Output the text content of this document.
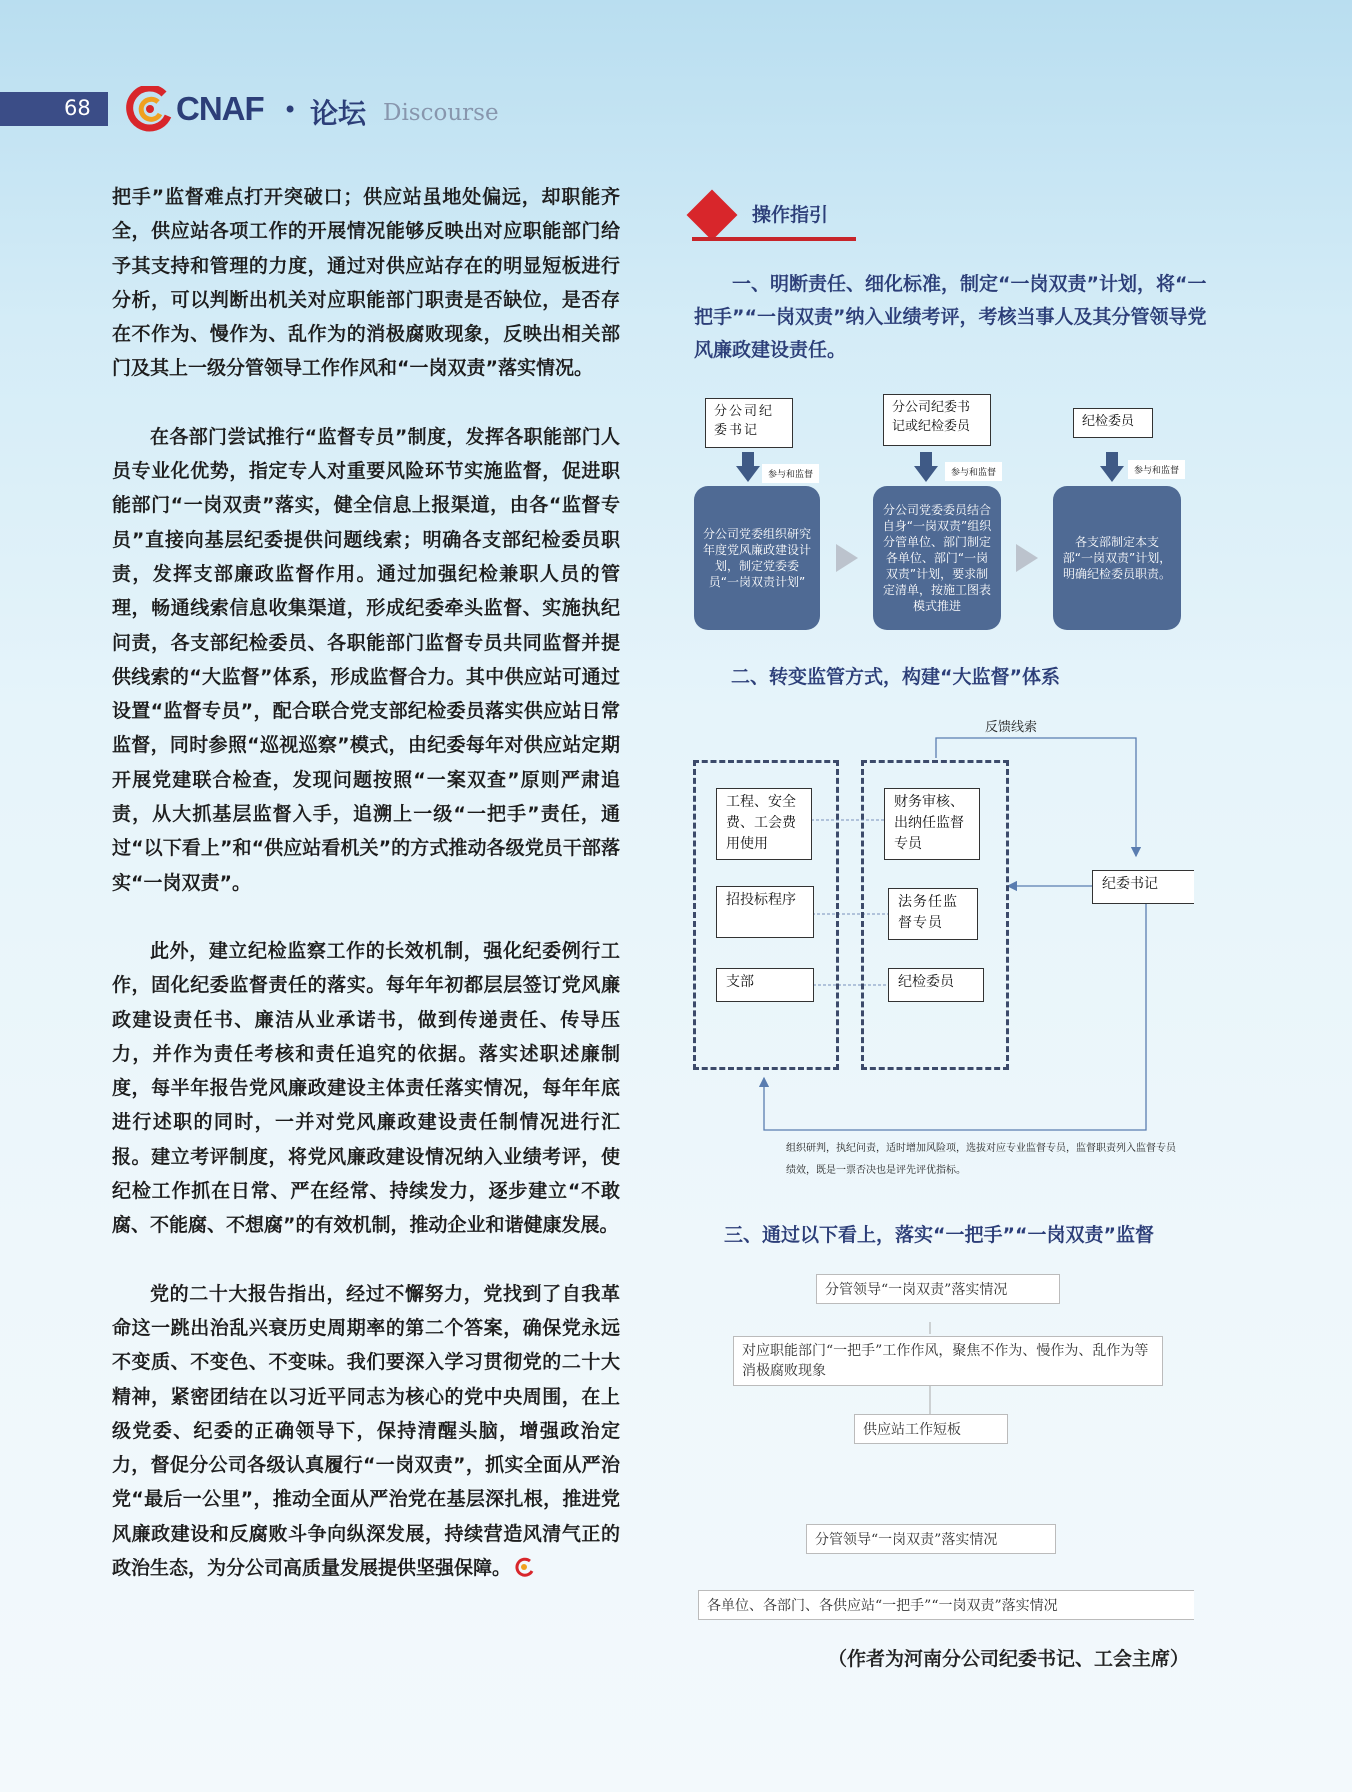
68	CNAF • 论坛 Discourse

把手”监督难点打开突破口；供应站虽地处偏远，却职能齐全，供应站各项工作的开展情况能够反映出对应职能部门给予其支持和管理的力度，通过对供应站存在的明显短板进行分析，可以判断出机关对应职能部门职责是否缺位，是否存在不作为、慢作为、乱作为的消极腐败现象，反映出相关部门及其上一级分管领导工作作风和“一岗双责”落实情况。

在各部门尝试推行“监督专员”制度，发挥各职能部门人员专业化优势，指定专人对重要风险环节实施监督，促进职能部门“一岗双责”落实，健全信息上报渠道，由各“监督专员”直接向基层纪委提供问题线索；明确各支部纪检委员职责，发挥支部廉政监督作用。通过加强纪检兼职人员的管理，畅通线索信息收集渠道，形成纪委牵头监督、实施执纪问责，各支部纪检委员、各职能部门监督专员共同监督并提供线索的“大监督”体系，形成监督合力。其中供应站可通过设置“监督专员”，配合联合党支部纪检委员落实供应站日常监督，同时参照“巡视巡察”模式，由纪委每年对供应站定期开展党建联合检查，发现问题按照“一案双查”原则严肃追责，从大抓基层监督入手，追溯上一级“一把手”责任，通过“以下看上”和“供应站看机关”的方式推动各级党员干部落实“一岗双责”。

此外，建立纪检监察工作的长效机制，强化纪委例行工作，固化纪委监督责任的落实。每年年初都层层签订党风廉政建设责任书、廉洁从业承诺书，做到传递责任、传导压力，并作为责任考核和责任追究的依据。落实述职述廉制度，每半年报告党风廉政建设主体责任落实情况，每年年底进行述职的同时，一并对党风廉政建设责任制情况进行汇报。建立考评制度，将党风廉政建设情况纳入业绩考评，使纪检工作抓在日常、严在经常、持续发力，逐步建立“不敢腐、不能腐、不想腐”的有效机制，推动企业和谐健康发展。

党的二十大报告指出，经过不懈努力，党找到了自我革命这一跳出治乱兴衰历史周期率的第二个答案，确保党永远不变质、不变色、不变味。我们要深入学习贯彻党的二十大精神，紧密团结在以习近平同志为核心的党中央周围，在上级党委、纪委的正确领导下，保持清醒头脑，增强政治定力，督促分公司各级认真履行“一岗双责”，抓实全面从严治党“最后一公里”，推动全面从严治党在基层深扎根，推进党风廉政建设和反腐败斗争向纵深发展，持续营造风清气正的政治生态，为分公司高质量发展提供坚强保障。

操作指引

一、明断责任、细化标准，制定“一岗双责”计划，将“一把手”“一岗双责”纳入业绩考评，考核当事人及其分管领导党风廉政建设责任。

分公司纪委书记
分公司纪委书记或纪检委员	纪检委员
参与和监督	参与和监督	参与和监督
分公司党委组织研究年度党风廉政建设计划，制定党委委员“一岗双责计划”
分公司党委委员结合自身“一岗双责”组织分管单位、部门制定各单位、部门“一岗双责”计划，要求制定清单，按施工图表模式推进
各支部制定本支部“一岗双责”计划，明确纪检委员职责。
二、转变监管方式，构建“大监督”体系
反馈线索
工程、安全费、工会费用使用
招投标程序
支部
财务审核、出纳任监督专员
法务任监督专员
纪检委员
纪委书记
组织研判，执纪问责，适时增加风险项，选拔对应专业监督专员，监督职责列入监督专员绩效，既是一票否决也是评先评优指标。
三、通过以下看上，落实“一把手”“一岗双责”监督
分管领导“一岗双责”落实情况
对应职能部门“一把手”工作作风，聚焦不作为、慢作为、乱作为等消极腐败现象
供应站工作短板
分管领导“一岗双责”落实情况
各单位、各部门、各供应站“一把手”“一岗双责”落实情况
（作者为河南分公司纪委书记、工会主席）
